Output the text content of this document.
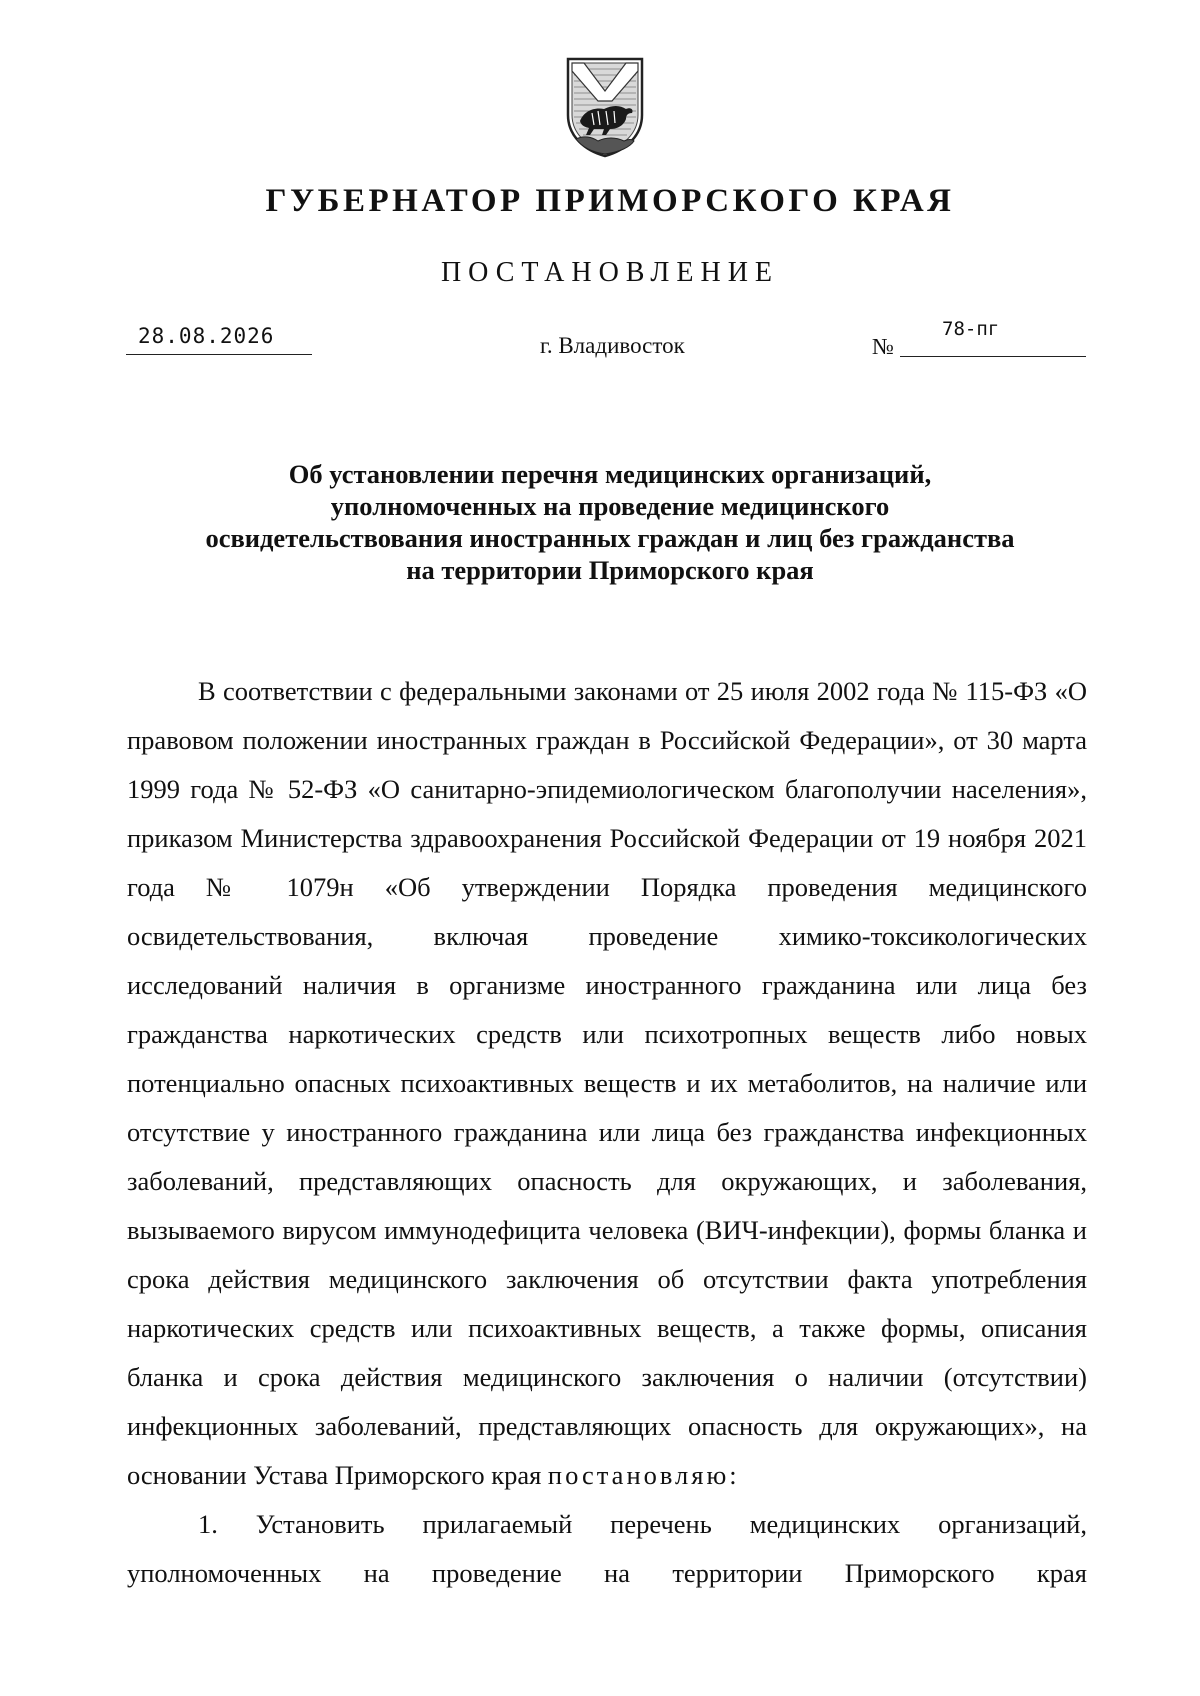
ГУБЕРНАТОР ПРИМОРСКОГО КРАЯ
ПОСТАНОВЛЕНИЕ
28.08.2026	г. Владивосток	№
78-пг
Об установлении перечня медицинских организаций, уполномоченных на проведение медицинского освидетельствования иностранных граждан и лиц без гражданства на территории Приморского края

В соответствии с федеральными законами от 25 июля 2002 года № 115-ФЗ «О правовом положении иностранных граждан в Российской Федерации», от 30 марта 1999 года № 52-ФЗ «О санитарно-эпидемиологическом благополучии населения», приказом Министерства здравоохранения Российской Федерации от 19 ноября 2021 года № 1079н «Об утверждении Порядка проведения медицинского освидетельствования, включая проведение химико-токсикологических исследований наличия в организме иностранного гражданина или лица без гражданства наркотических средств или психотропных веществ либо новых потенциально опасных психоактивных веществ и их метаболитов, на наличие или отсутствие у иностранного гражданина или лица без гражданства инфекционных заболеваний, представляющих опасность для окружающих, и заболевания, вызываемого вирусом иммунодефицита человека (ВИЧ-инфекции), формы бланка и срока действия медицинского заключения об отсутствии факта употребления наркотических средств или психоактивных веществ, а также формы, описания бланка и срока действия медицинского заключения о наличии (отсутствии) инфекционных заболеваний, представляющих опасность для окружающих», на основании Устава Приморского края постановляю:

1. Установить прилагаемый перечень медицинских организаций, уполномоченных на проведение на территории Приморского края
